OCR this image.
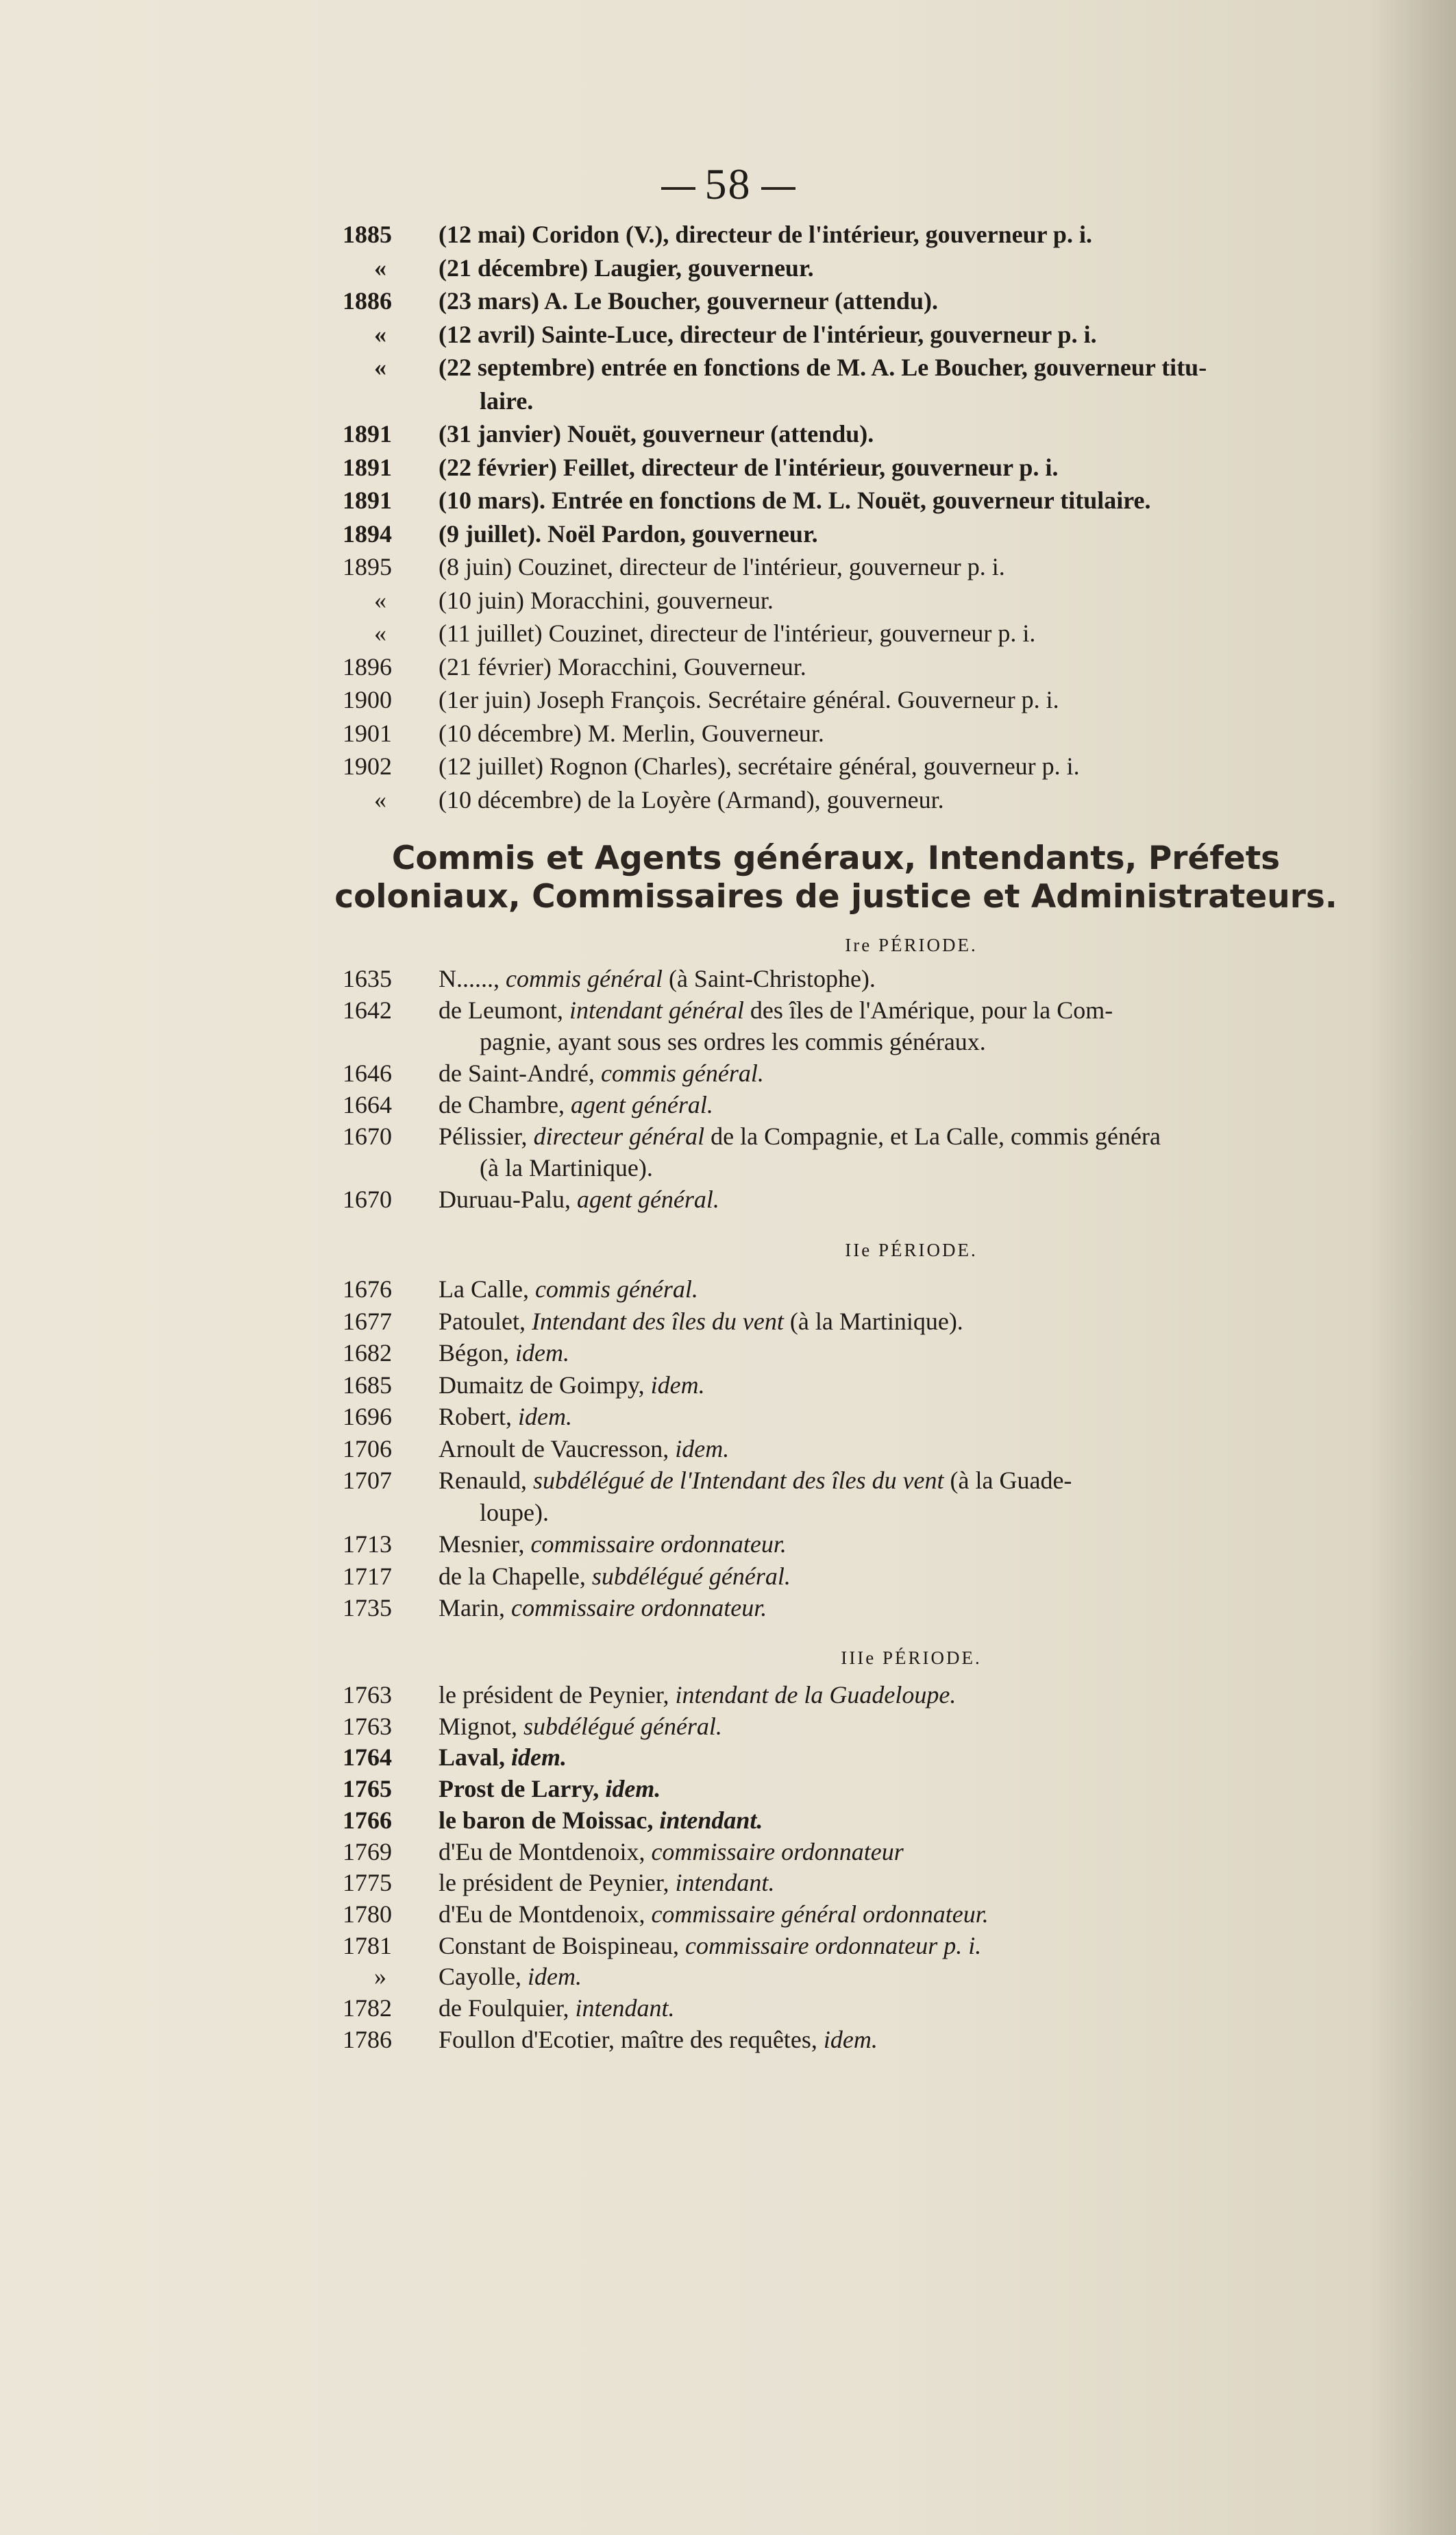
58
1885	(12 mai) Coridon (V.), directeur de l'intérieur, gouverneur p. i.
«	(21 décembre) Laugier, gouverneur.
1886	(23 mars) A. Le Boucher, gouverneur (attendu).
«	(12 avril) Sainte-Luce, directeur de l'intérieur, gouverneur p. i.
«	(22 septembre) entrée en fonctions de M. A. Le Boucher, gouverneur titu-
laire.
1891	(31 janvier) Nouët, gouverneur (attendu).
1891	(22 février) Feillet, directeur de l'intérieur, gouverneur p. i.
1891	(10 mars). Entrée en fonctions de M. L. Nouët, gouverneur titulaire.
1894	(9 juillet). Noël Pardon, gouverneur.
1895	(8 juin) Couzinet, directeur de l'intérieur, gouverneur p. i.
«	(10 juin) Moracchini, gouverneur.
«	(11 juillet) Couzinet, directeur de l'intérieur, gouverneur p. i.
1896	(21 février) Moracchini, Gouverneur.
1900	(1er juin) Joseph François. Secrétaire général. Gouverneur p. i.
1901	(10 décembre) M. Merlin, Gouverneur.
1902	(12 juillet) Rognon (Charles), secrétaire général, gouverneur p. i.
«	(10 décembre) de la Loyère (Armand), gouverneur.
Commis et Agents généraux, Intendants, Préfets
coloniaux, Commissaires de justice et Administrateurs.
Ire PÉRIODE.
1635	N......, commis général (à Saint-Christophe).
1642	de Leumont, intendant général des îles de l'Amérique, pour la Com-
pagnie, ayant sous ses ordres les commis généraux.
1646	de Saint-André, commis général.
1664	de Chambre, agent général.
1670	Pélissier, directeur général de la Compagnie, et La Calle, commis généra
(à la Martinique).
1670	Duruau-Palu, agent général.
IIe PÉRIODE.
1676	La Calle, commis général.
1677	Patoulet, Intendant des îles du vent (à la Martinique).
1682	Bégon, idem.
1685	Dumaitz de Goimpy, idem.
1696	Robert, idem.
1706	Arnoult de Vaucresson, idem.
1707	Renauld, subdélégué de l'Intendant des îles du vent (à la Guade-
loupe).
1713	Mesnier, commissaire ordonnateur.
1717	de la Chapelle, subdélégué général.
1735	Marin, commissaire ordonnateur.
IIIe PÉRIODE.
1763	le président de Peynier, intendant de la Guadeloupe.
1763	Mignot, subdélégué général.
1764	Laval, idem.
1765	Prost de Larry, idem.
1766	le baron de Moissac, intendant.
1769	d'Eu de Montdenoix, commissaire ordonnateur
1775	le président de Peynier, intendant.
1780	d'Eu de Montdenoix, commissaire général ordonnateur.
1781	Constant de Boispineau, commissaire ordonnateur p. i.
»	Cayolle, idem.
1782	de Foulquier, intendant.
1786	Foullon d'Ecotier, maître des requêtes, idem.
